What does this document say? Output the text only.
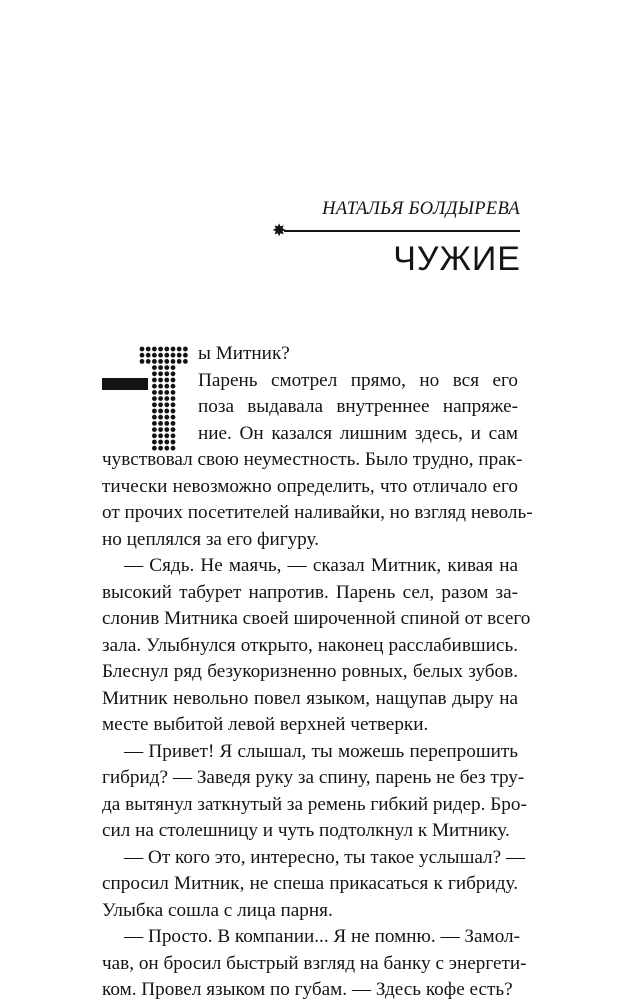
НАТАЛЬЯ БОЛДЫРЕВА
✸
ЧУЖИЕ
ы Митник?
Парень смотрел прямо, но вся его
поза выдавала внутреннее напряже-
ние. Он казался лишним здесь, и сам
чувствовал свою неуместность. Было трудно, прак-
тически невозможно определить, что отличало его
от прочих посетителей наливайки, но взгляд неволь-
но цеплялся за его фигуру.
— Сядь. Не маячь, — сказал Митник, кивая на
высокий табурет напротив. Парень сел, разом за-
слонив Митника своей широченной спиной от всего
зала. Улыбнулся открыто, наконец расслабившись.
Блеснул ряд безукоризненно ровных, белых зубов.
Митник невольно повел языком, нащупав дыру на
месте выбитой левой верхней четверки.
— Привет! Я слышал, ты можешь перепрошить
гибрид? — Заведя руку за спину, парень не без тру-
да вытянул заткнутый за ремень гибкий ридер. Бро-
сил на столешницу и чуть подтолкнул к Митнику.
— От кого это, интересно, ты такое услышал? —
спросил Митник, не спеша прикасаться к гибриду.
Улыбка сошла с лица парня.
— Просто. В компании... Я не помню. — Замол-
чав, он бросил быстрый взгляд на банку с энергети-
ком. Провел языком по губам. — Здесь кофе есть?
